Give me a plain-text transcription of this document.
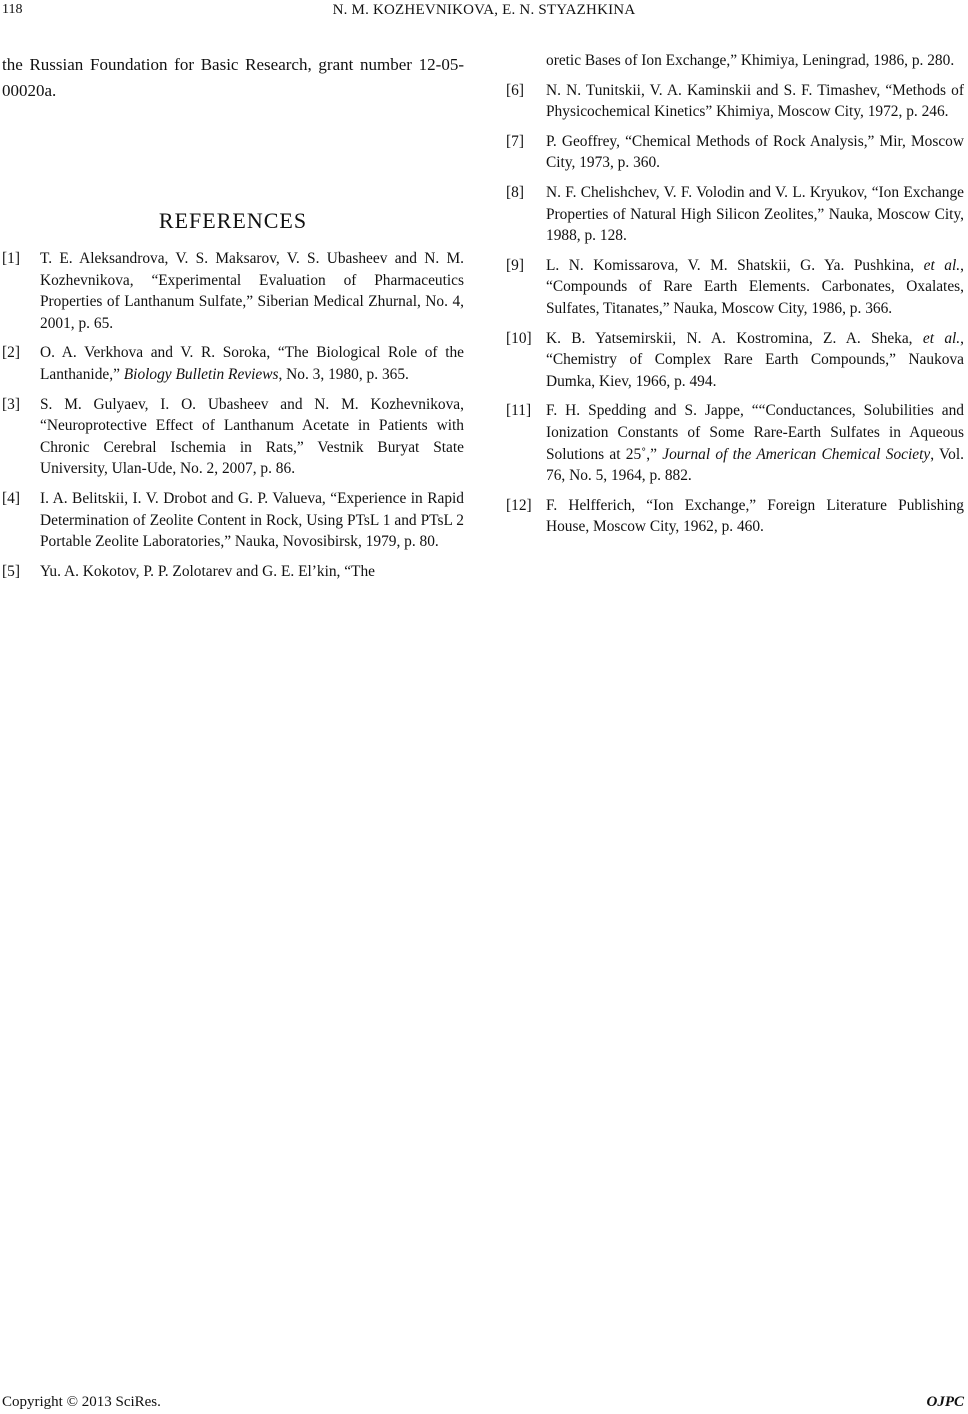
118	N. M. KOZHEVNIKOVA, E. N. STYAZHKINA

the Russian Foundation for Basic Research, grant number 12-05-00020a.

REFERENCES
[1]	T. E. Aleksandrova, V. S. Maksarov, V. S. Ubasheev and N. M. Kozhevnikova, “Experimental Evaluation of Pharmaceutics Properties of Lanthanum Sulfate,” Siberian Medical Zhurnal, No. 4, 2001, p. 65.
[2]	O. A. Verkhova and V. R. Soroka, “The Biological Role of the Lanthanide,” Biology Bulletin Reviews, No. 3, 1980, p. 365.
[3]	S. M. Gulyaev, I. O. Ubasheev and N. M. Kozhevnikova, “Neuroprotective Effect of Lanthanum Acetate in Patients with Chronic Cerebral Ischemia in Rats,” Vestnik Buryat State University, Ulan-Ude, No. 2, 2007, p. 86.
[4]	I. A. Belitskii, I. V. Drobot and G. P. Valueva, “Experience in Rapid Determination of Zeolite Content in Rock, Using PTsL 1 and PTsL 2 Portable Zeolite Laboratories,” Nauka, Novosibirsk, 1979, p. 80.
[5]	Yu. A. Kokotov, P. P. Zolotarev and G. E. El’kin, “The
oretic Bases of Ion Exchange,” Khimiya, Leningrad, 1986, p. 280.
[6]	N. N. Tunitskii, V. A. Kaminskii and S. F. Timashev, “Methods of Physicochemical Kinetics” Khimiya, Moscow City, 1972, p. 246.
[7]	P. Geoffrey, “Chemical Methods of Rock Analysis,” Mir, Moscow City, 1973, p. 360.
[8]	N. F. Chelishchev, V. F. Volodin and V. L. Kryukov, “Ion Exchange Properties of Natural High Silicon Zeolites,” Nauka, Moscow City, 1988, p. 128.
[9]	L. N. Komissarova, V. M. Shatskii, G. Ya. Pushkina, et al., “Compounds of Rare Earth Elements. Carbonates, Oxalates, Sulfates, Titanates,” Nauka, Moscow City, 1986, p. 366.
[10] K. B. Yatsemirskii, N. A. Kostromina, Z. A. Sheka, et al., “Chemistry of Complex Rare Earth Compounds,” Naukova Dumka, Kiev, 1966, p. 494.
[11] F. H. Spedding and S. Jappe, ““Conductances, Solubilities and Ionization Constants of Some Rare-Earth Sulfates in Aqueous Solutions at 25˚,” Journal of the American Chemical Society, Vol. 76, No. 5, 1964, p. 882.
[12] F. Helfferich, “Ion Exchange,” Foreign Literature Publishing House, Moscow City, 1962, p. 460.
Copyright © 2013 SciRes.	OJPC
